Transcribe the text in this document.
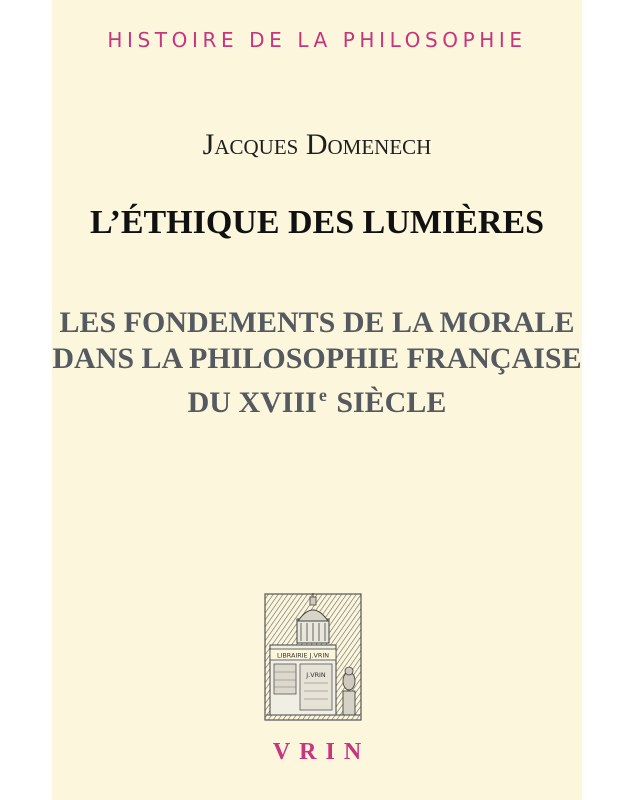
HISTOIRE DE LA PHILOSOPHIE
Jacques Domenech
L’ÉTHIQUE DES LUMIÈRES
LES FONDEMENTS DE LA MORALE
DANS LA PHILOSOPHIE FRANÇAISE
DU XVIII $^e$ SIÈCLE
LIBRAIRIE J.VRIN
J.VRIN
VRIN
